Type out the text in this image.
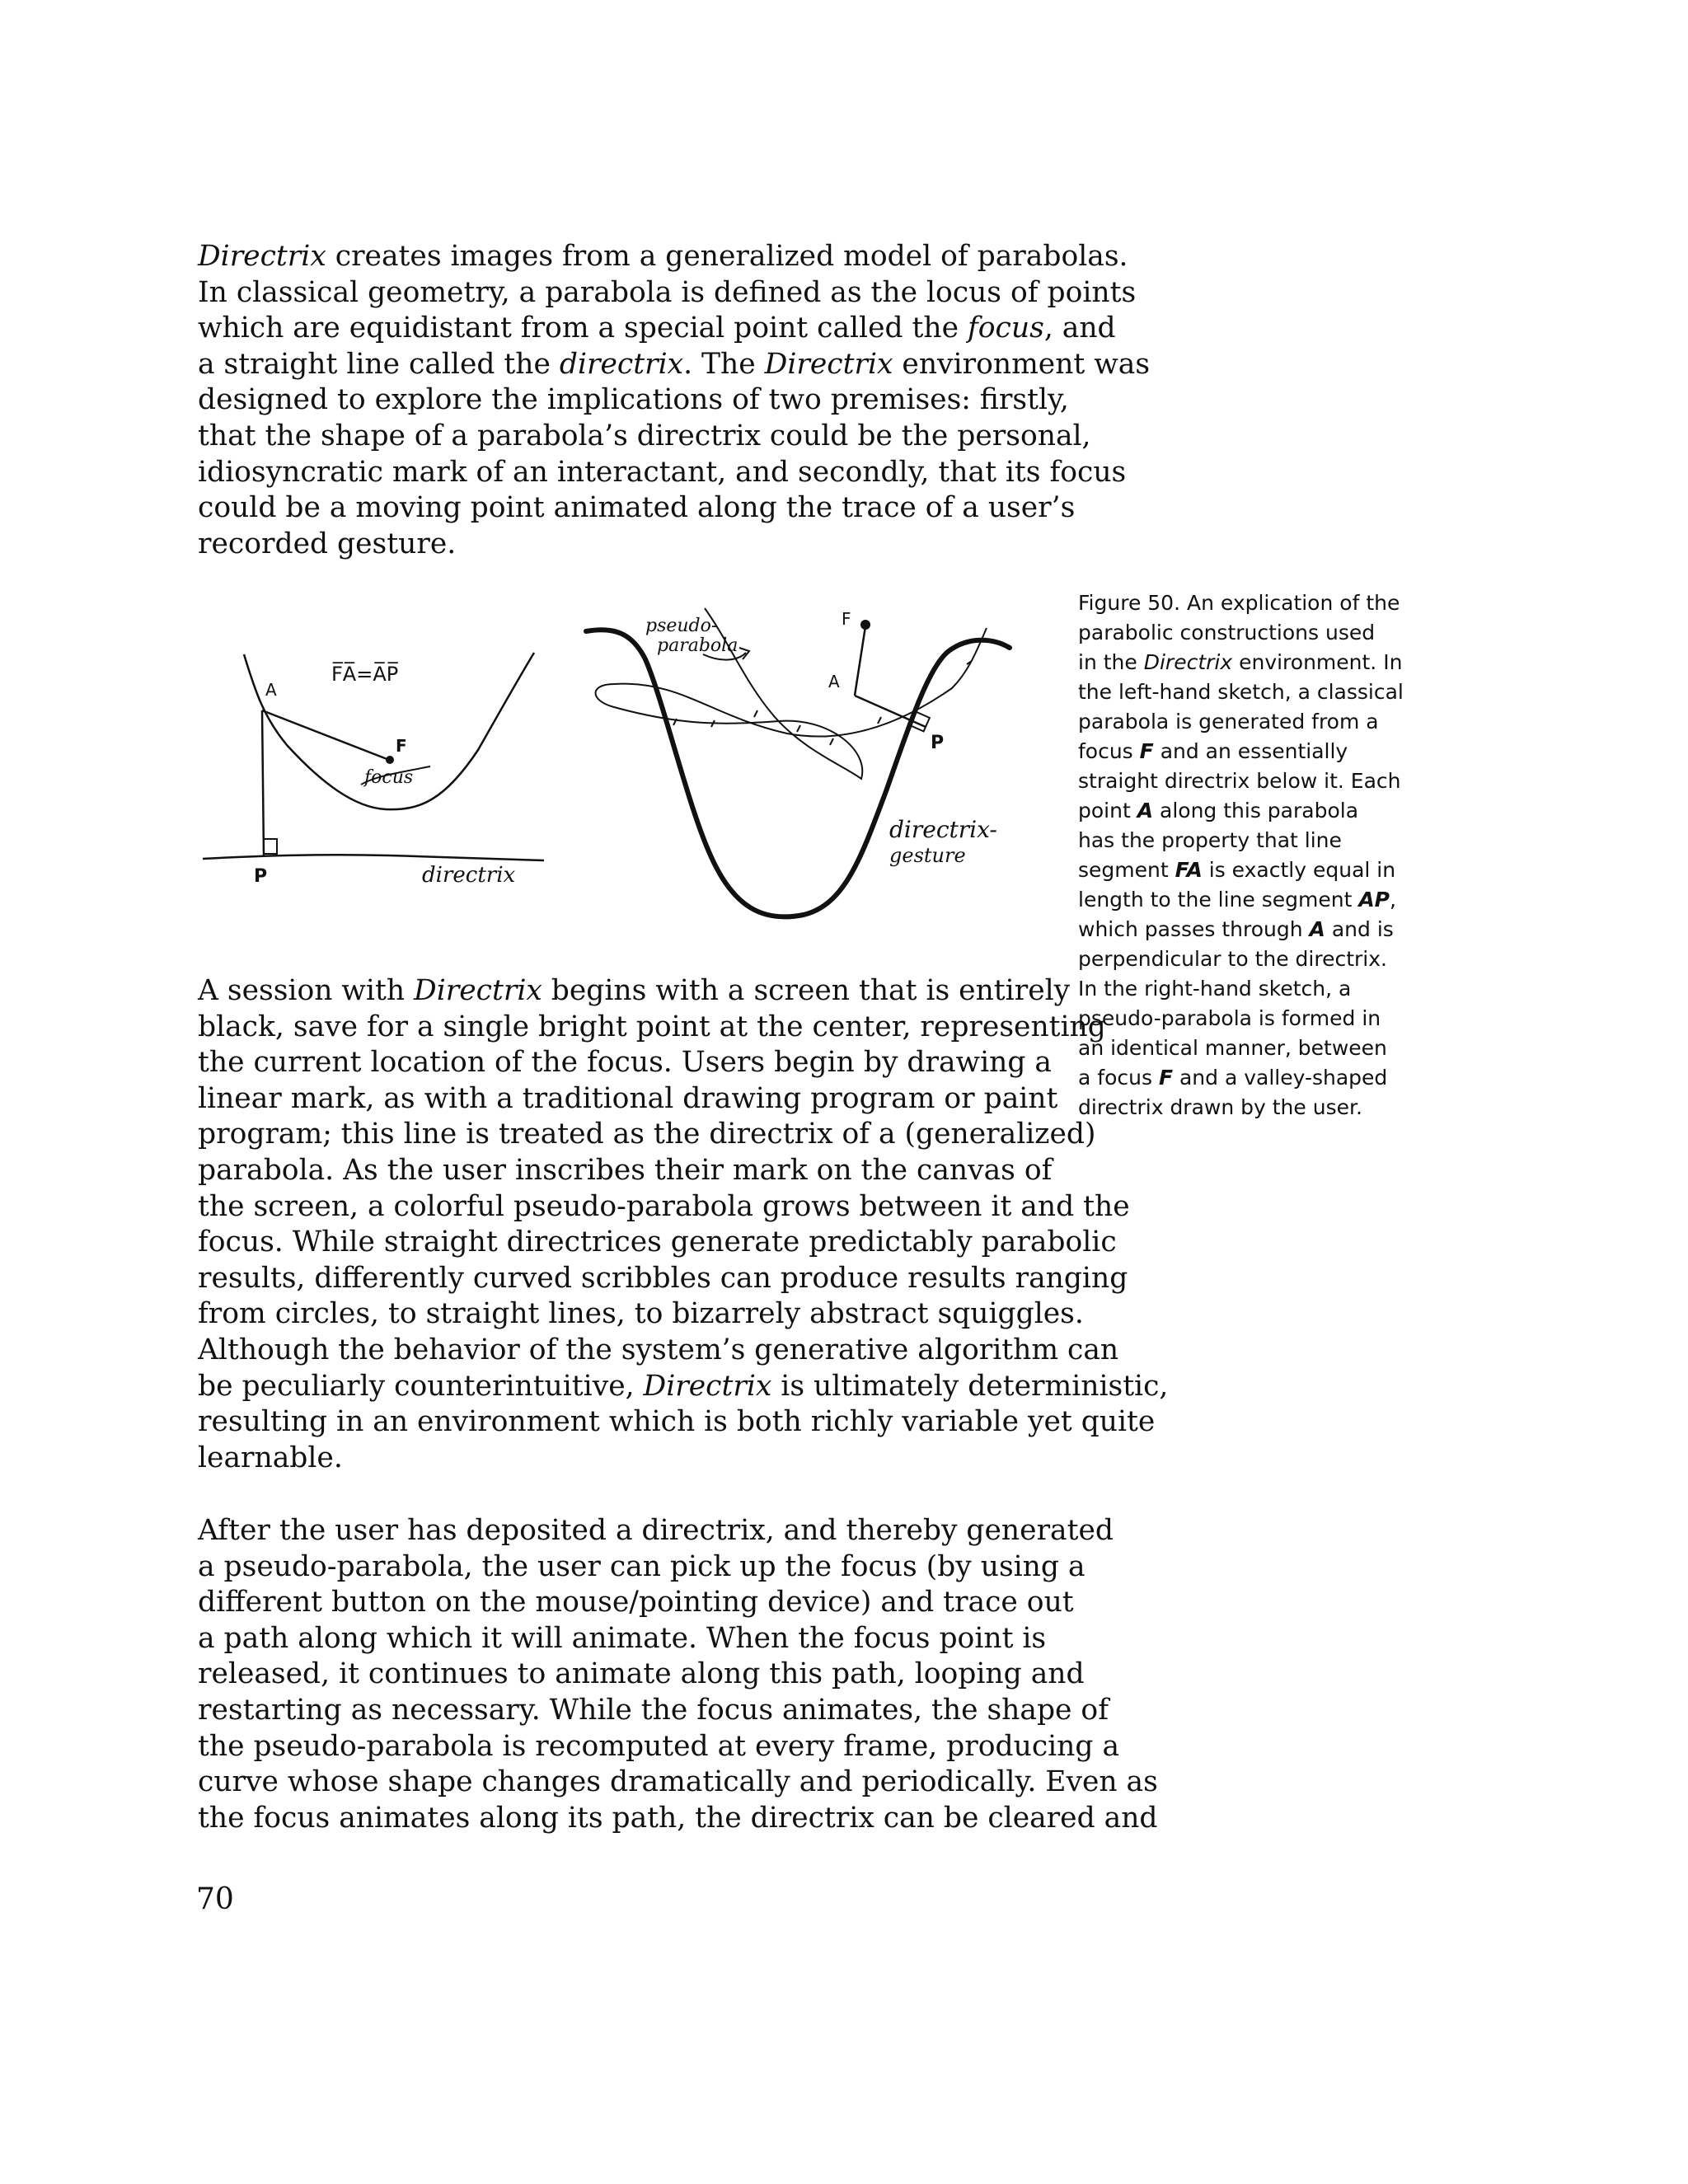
Directrix creates images from a generalized model of parabolas.
In classical geometry, a parabola is defined as the locus of points
which are equidistant from a special point called the focus, and
a straight line called the directrix. The Directrix environment was
designed to explore the implications of two premises: firstly,
that the shape of a parabola’s directrix could be the personal,
idiosyncratic mark of an interactant, and secondly, that its focus
could be a moving point animated along the trace of a user’s
recorded gesture.
F̅A̅=A̅P̅
A
F
focus
P	directrix
pseudo-
parabola
F
A
P
directrix-
gesture
Figure 50. An explication of the
parabolic constructions used
in the Directrix environment. In
the left-hand sketch, a classical
parabola is generated from a
focus F and an essentially
straight directrix below it. Each
point A along this parabola
has the property that line
segment FA is exactly equal in
length to the line segment AP,
which passes through A and is
perpendicular to the directrix.
In the right-hand sketch, a
pseudo-parabola is formed in
an identical manner, between
a focus F and a valley-shaped
directrix drawn by the user.
A session with Directrix begins with a screen that is entirely
black, save for a single bright point at the center, representing
the current location of the focus. Users begin by drawing a
linear mark, as with a traditional drawing program or paint
program; this line is treated as the directrix of a (generalized)
parabola. As the user inscribes their mark on the canvas of
the screen, a colorful pseudo-parabola grows between it and the
focus. While straight directrices generate predictably parabolic
results, differently curved scribbles can produce results ranging
from circles, to straight lines, to bizarrely abstract squiggles.
Although the behavior of the system’s generative algorithm can
be peculiarly counterintuitive, Directrix is ultimately deterministic,
resulting in an environment which is both richly variable yet quite
learnable.
After the user has deposited a directrix, and thereby generated
a pseudo-parabola, the user can pick up the focus (by using a
different button on the mouse/pointing device) and trace out
a path along which it will animate. When the focus point is
released, it continues to animate along this path, looping and
restarting as necessary. While the focus animates, the shape of
the pseudo-parabola is recomputed at every frame, producing a
curve whose shape changes dramatically and periodically. Even as
the focus animates along its path, the directrix can be cleared and
70
